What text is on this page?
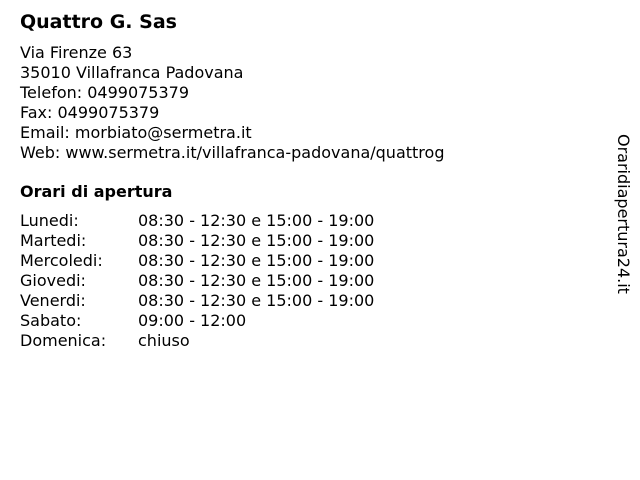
Quattro G. Sas
Via Firenze 63
35010 Villafranca Padovana
Telefon: 0499075379
Fax: 0499075379
Email: morbiato@sermetra.it
Web: www.sermetra.it/villafranca-padovana/quattrog
Orari di apertura
Lunedi:	08:30 - 12:30 e 15:00 - 19:00
Martedi:	08:30 - 12:30 e 15:00 - 19:00
Mercoledi:	08:30 - 12:30 e 15:00 - 19:00
Giovedi:	08:30 - 12:30 e 15:00 - 19:00
Venerdi:	08:30 - 12:30 e 15:00 - 19:00
Sabato:	09:00 - 12:00
Domenica:	chiuso
Oraridiapertura24.it
